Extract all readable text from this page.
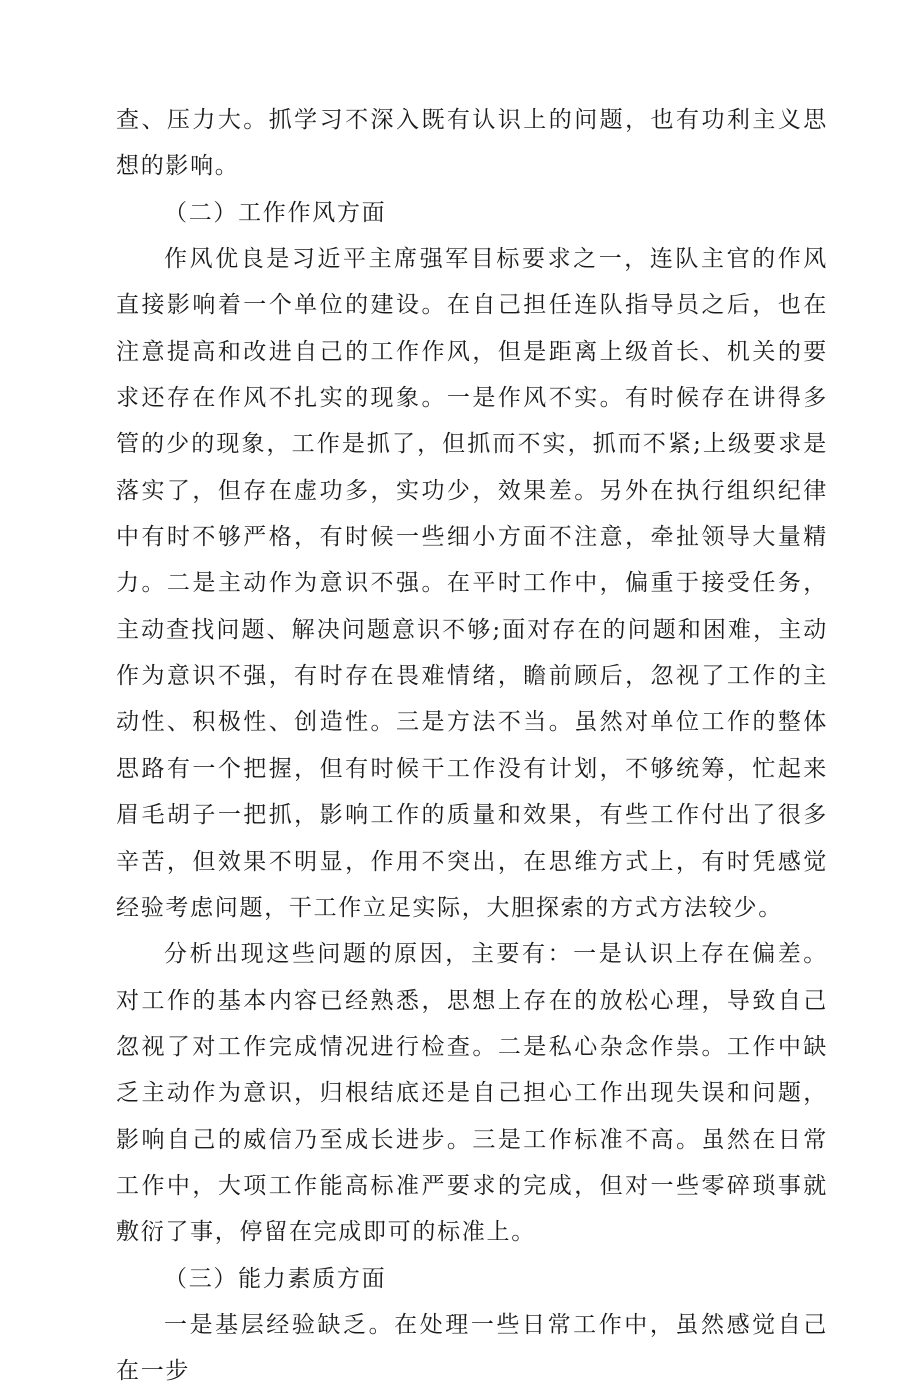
查、压力大。抓学习不深入既有认识上的问题，也有功利主义思想的影响。

（二）工作作风方面

作风优良是习近平主席强军目标要求之一，连队主官的作风直接影响着一个单位的建设。在自己担任连队指导员之后，也在注意提高和改进自己的工作作风，但是距离上级首长、机关的要求还存在作风不扎实的现象。一是作风不实。有时候存在讲得多管的少的现象，工作是抓了，但抓而不实，抓而不紧;上级要求是落实了，但存在虚功多，实功少，效果差。另外在执行组织纪律中有时不够严格，有时候一些细小方面不注意，牵扯领导大量精力。二是主动作为意识不强。在平时工作中，偏重于接受任务，主动查找问题、解决问题意识不够;面对存在的问题和困难，主动作为意识不强，有时存在畏难情绪，瞻前顾后，忽视了工作的主动性、积极性、创造性。三是方法不当。虽然对单位工作的整体思路有一个把握，但有时候干工作没有计划，不够统筹，忙起来眉毛胡子一把抓，影响工作的质量和效果，有些工作付出了很多辛苦，但效果不明显，作用不突出，在思维方式上，有时凭感觉经验考虑问题，干工作立足实际，大胆探索的方式方法较少。

分析出现这些问题的原因，主要有：一是认识上存在偏差。对工作的基本内容已经熟悉，思想上存在的放松心理，导致自己忽视了对工作完成情况进行检查。二是私心杂念作祟。工作中缺乏主动作为意识，归根结底还是自己担心工作出现失误和问题，影响自己的威信乃至成长进步。三是工作标准不高。虽然在日常工作中，大项工作能高标准严要求的完成，但对一些零碎琐事就敷衍了事，停留在完成即可的标准上。

（三）能力素质方面

一是基层经验缺乏。在处理一些日常工作中，虽然感觉自己在一步
